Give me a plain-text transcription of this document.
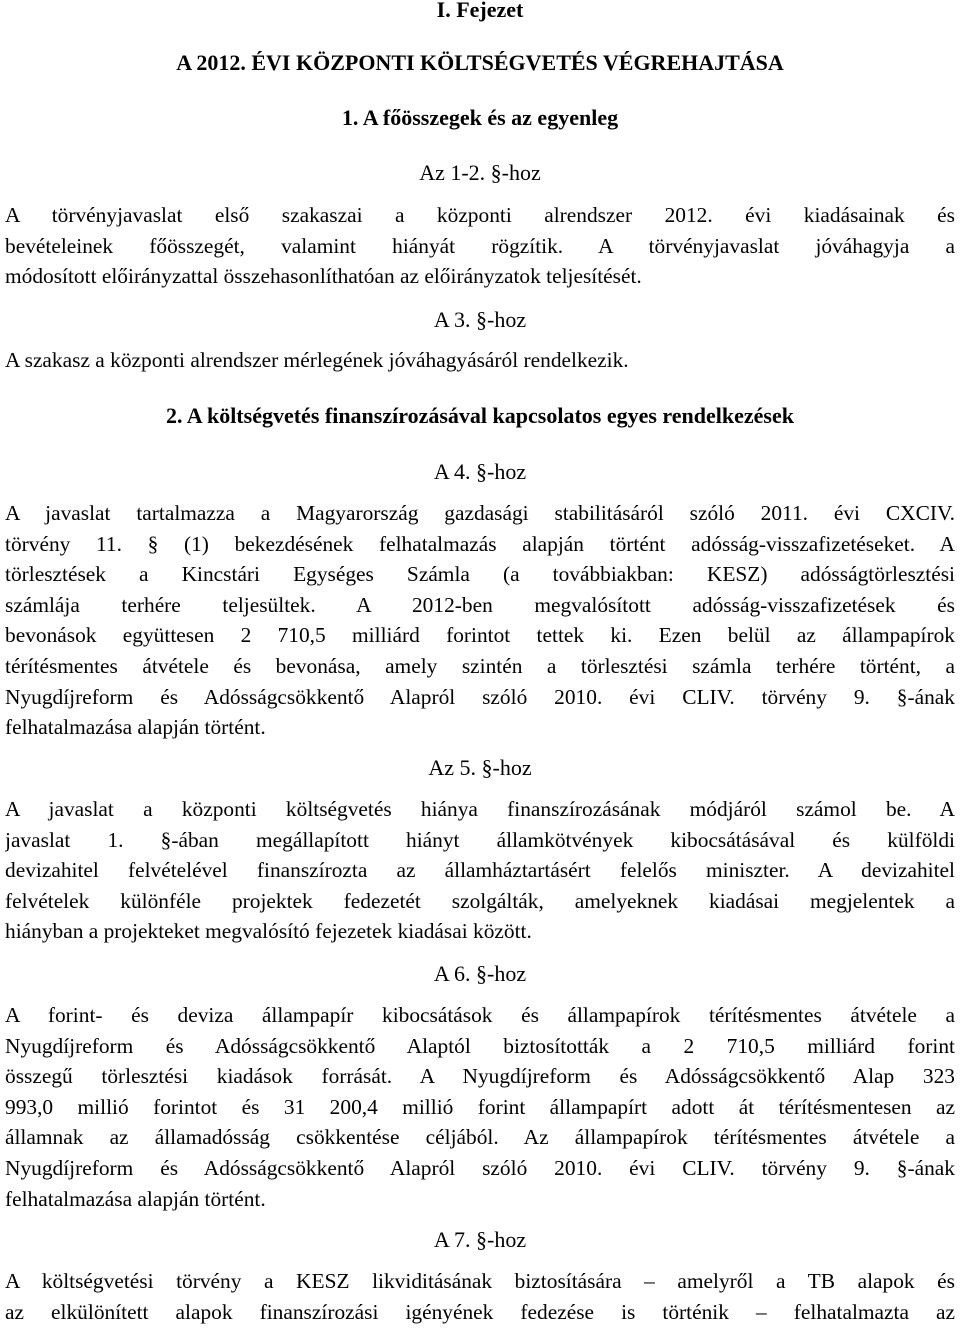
I. Fejezet
A 2012. ÉVI KÖZPONTI KÖLTSÉGVETÉS VÉGREHAJTÁSA
1. A főösszegek és az egyenleg
Az 1-2. §-hoz
A törvényjavaslat első szakaszai a központi alrendszer 2012. évi kiadásainak és
bevételeinek főösszegét, valamint hiányát rögzítik. A törvényjavaslat jóváhagyja a
módosított előirányzattal összehasonlíthatóan az előirányzatok teljesítését.
A 3. §-hoz
A szakasz a központi alrendszer mérlegének jóváhagyásáról rendelkezik.
2. A költségvetés finanszírozásával kapcsolatos egyes rendelkezések
A 4. §-hoz
A javaslat tartalmazza a Magyarország gazdasági stabilitásáról szóló 2011. évi CXCIV.
törvény 11. § (1) bekezdésének felhatalmazás alapján történt adósság-visszafizetéseket. A
törlesztések a Kincstári Egységes Számla (a továbbiakban: KESZ) adósságtörlesztési
számlája terhére teljesültek. A 2012-ben megvalósított adósság-visszafizetések és
bevonások együttesen 2 710,5 milliárd forintot tettek ki. Ezen belül az állampapírok
térítésmentes átvétele és bevonása, amely szintén a törlesztési számla terhére történt, a
Nyugdíjreform és Adósságcsökkentő Alapról szóló 2010. évi CLIV. törvény 9. §-ának
felhatalmazása alapján történt.
Az 5. §-hoz
A javaslat a központi költségvetés hiánya finanszírozásának módjáról számol be. A
javaslat 1. §-ában megállapított hiányt államkötvények kibocsátásával és külföldi
devizahitel felvételével finanszírozta az államháztartásért felelős miniszter. A devizahitel
felvételek különféle projektek fedezetét szolgálták, amelyeknek kiadásai megjelentek a
hiányban a projekteket megvalósító fejezetek kiadásai között.
A 6. §-hoz
A forint- és deviza állampapír kibocsátások és állampapírok térítésmentes átvétele a
Nyugdíjreform és Adósságcsökkentő Alaptól biztosították a 2 710,5 milliárd forint
összegű törlesztési kiadások forrását. A Nyugdíjreform és Adósságcsökkentő Alap 323
993,0 millió forintot és 31 200,4 millió forint állampapírt adott át térítésmentesen az
államnak az államadósság csökkentése céljából. Az állampapírok térítésmentes átvétele a
Nyugdíjreform és Adósságcsökkentő Alapról szóló 2010. évi CLIV. törvény 9. §-ának
felhatalmazása alapján történt.
A 7. §-hoz
A költségvetési törvény a KESZ likviditásának biztosítására – amelyről a TB alapok és
az elkülönített alapok finanszírozási igényének fedezése is történik – felhatalmazta az
